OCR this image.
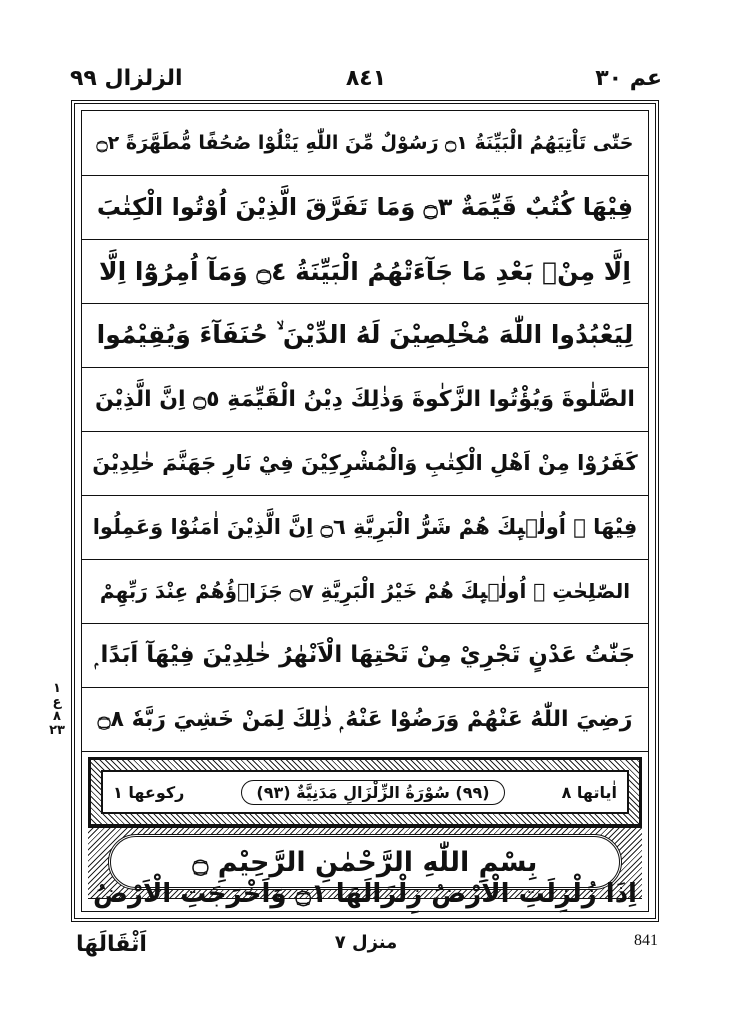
الزلزال ٩٩	٨٤١	عم ٣٠
١
ع
٨
٢٣
حَتّٰى تَاْتِيَهُمُ الْبَيِّنَةُ ۝١ رَسُوْلٌ مِّنَ اللّٰهِ يَتْلُوْا صُحُفًا مُّطَهَّرَةً ۝٢
فِيْهَا كُتُبٌ قَيِّمَةٌ ۝٣ وَمَا تَفَرَّقَ الَّذِيْنَ اُوْتُوا الْكِتٰبَ
اِلَّا مِنْۢ بَعْدِ مَا جَآءَتْهُمُ الْبَيِّنَةُ ۝٤ وَمَآ اُمِرُوْٓا اِلَّا
لِيَعْبُدُوا اللّٰهَ مُخْلِصِيْنَ لَهُ الدِّيْنَ ۙ حُنَفَآءَ وَيُقِيْمُوا
الصَّلٰوةَ وَيُؤْتُوا الزَّكٰوةَ وَذٰلِكَ دِيْنُ الْقَيِّمَةِ ۝٥ اِنَّ الَّذِيْنَ
كَفَرُوْا مِنْ اَهْلِ الْكِتٰبِ وَالْمُشْرِكِيْنَ فِيْ نَارِ جَهَنَّمَ خٰلِدِيْنَ
فِيْهَا ۭ اُولٰۗىِٕكَ هُمْ شَرُّ الْبَرِيَّةِ ۝٦ اِنَّ الَّذِيْنَ اٰمَنُوْا وَعَمِلُوا
الصّٰلِحٰتِ ۙ اُولٰۗىِٕكَ هُمْ خَيْرُ الْبَرِيَّةِ ۝٧ جَزَاۗؤُهُمْ عِنْدَ رَبِّهِمْ
جَنّٰتُ عَدْنٍ تَجْرِيْ مِنْ تَحْتِهَا الْاَنْهٰرُ خٰلِدِيْنَ فِيْهَآ اَبَدًا ۭ
رَضِيَ اللّٰهُ عَنْهُمْ وَرَضُوْا عَنْهُ ۭ ذٰلِكَ لِمَنْ خَشِيَ رَبَّهٗ ۝٨
رکوعها ١	(٩٩) سُوْرَةُ الزِّلْزَالِ مَدَنِيَّةٌ (٩٣)	اٰياتها ٨
بِسْمِ اللّٰهِ الرَّحْمٰنِ الرَّحِيْمِ ۝
اِذَا زُلْزِلَتِ الْاَرْضُ زِلْزَالَهَا ۝١ وَاَخْرَجَتِ الْاَرْضُ
اَثْقَالَهَا	منزل ٧	841
